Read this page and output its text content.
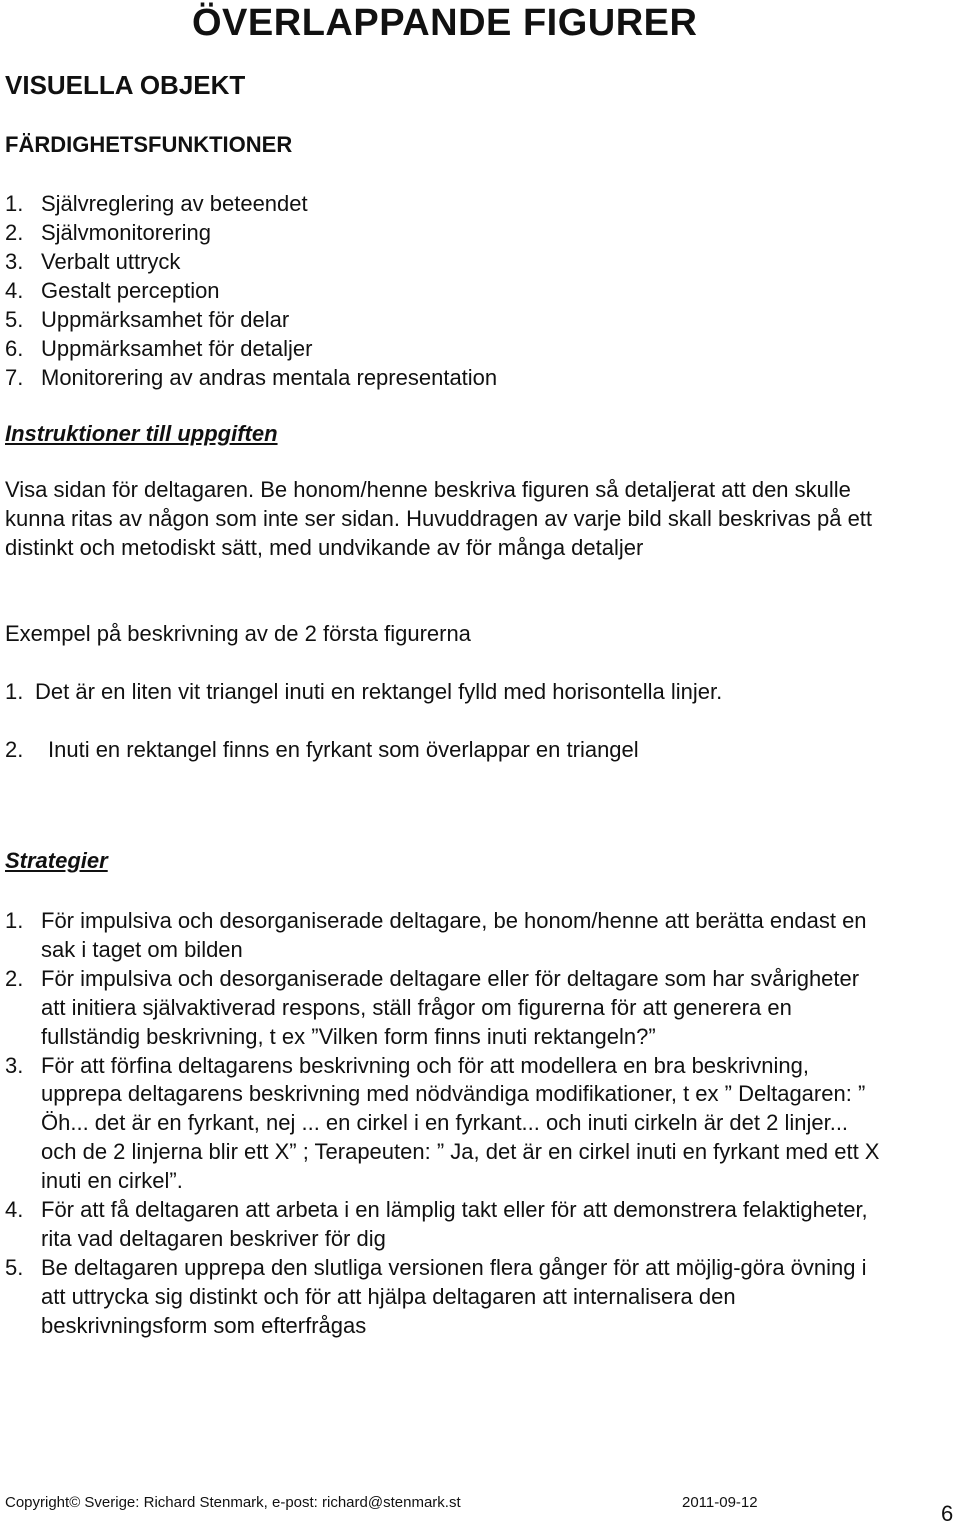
ÖVERLAPPANDE FIGURER
VISUELLA OBJEKT
FÄRDIGHETSFUNKTIONER
1. Självreglering av beteendet
2. Självmonitorering
3. Verbalt uttryck
4. Gestalt perception
5. Uppmärksamhet för delar
6. Uppmärksamhet för detaljer
7. Monitorering av andras mentala representation
Instruktioner till uppgiften
Visa sidan för deltagaren. Be honom/henne beskriva figuren så detaljerat att den skulle kunna ritas av någon som inte ser sidan. Huvuddragen av varje bild skall beskrivas på ett distinkt och metodiskt sätt, med undvikande av för många detaljer
Exempel på beskrivning av de 2 första figurerna
1. Det är en liten vit triangel inuti en rektangel fylld med horisontella linjer.
2. Inuti en rektangel finns en fyrkant som överlappar en triangel
Strategier
1. För impulsiva och desorganiserade deltagare, be honom/henne att berätta endast en sak i taget om bilden
2. För impulsiva och desorganiserade deltagare eller för deltagare som har svårigheter att initiera självaktiverad respons, ställ frågor om figurerna för att generera en fullständig beskrivning, t ex ”Vilken form finns inuti rektangeln?”
3. För att förfina deltagarens beskrivning och för att modellera en bra beskrivning, upprepa deltagarens beskrivning med nödvändiga modifikationer, t ex ” Deltagaren: ” Öh... det är en fyrkant, nej ... en cirkel i en fyrkant... och inuti cirkeln är det 2 linjer... och de 2 linjerna blir ett X” ; Terapeuten: ” Ja, det är en cirkel inuti en fyrkant med ett X inuti en cirkel”.
4. För att få deltagaren att arbeta i en lämplig takt eller för att demonstrera felaktigheter, rita vad deltagaren beskriver för dig
5. Be deltagaren upprepa den slutliga versionen flera gånger för att möjlig-göra övning i att uttrycka sig distinkt och för att hjälpa deltagaren att internalisera den beskrivningsform som efterfrågas
Copyright© Sverige: Richard Stenmark, e-post: richard@stenmark.st	2011-09-12	6
